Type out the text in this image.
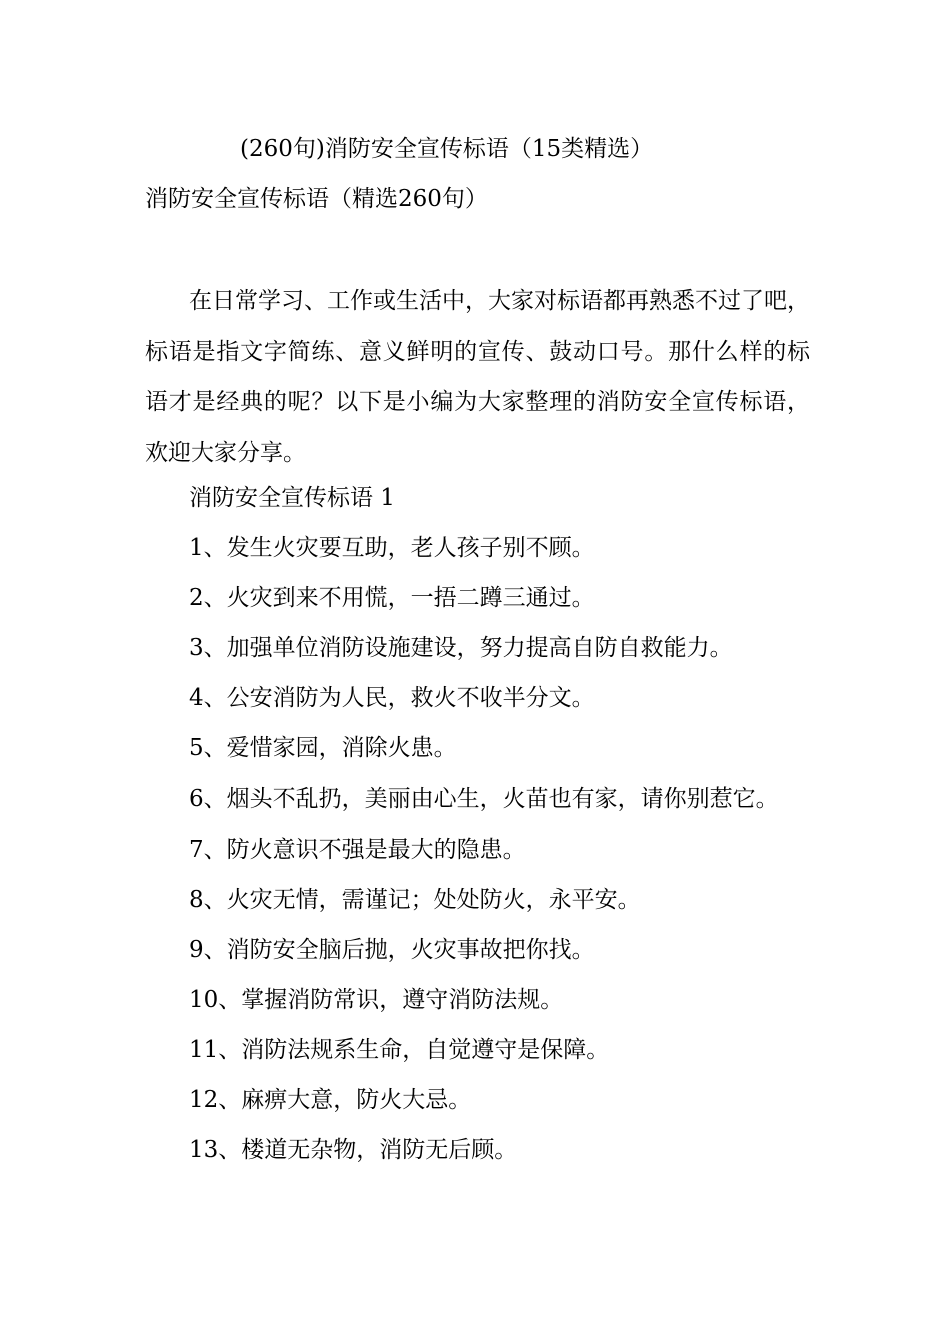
(260句)消防安全宣传标语（15类精选）
消防安全宣传标语（精选260句）

在日常学习、工作或生活中，大家对标语都再熟悉不过了吧，标语是指文字简练、意义鲜明的宣传、鼓动口号。那什么样的标语才是经典的呢？以下是小编为大家整理的消防安全宣传标语，欢迎大家分享。

消防安全宣传标语 1

1、发生火灾要互助，老人孩子别不顾。

2、火灾到来不用慌，一捂二蹲三通过。

3、加强单位消防设施建设，努力提高自防自救能力。

4、公安消防为人民，救火不收半分文。

5、爱惜家园，消除火患。

6、烟头不乱扔，美丽由心生，火苗也有家，请你别惹它。

7、防火意识不强是最大的隐患。

8、火灾无情，需谨记；处处防火，永平安。

9、消防安全脑后抛，火灾事故把你找。

10、掌握消防常识，遵守消防法规。

11、消防法规系生命，自觉遵守是保障。

12、麻痹大意，防火大忌。

13、楼道无杂物，消防无后顾。
